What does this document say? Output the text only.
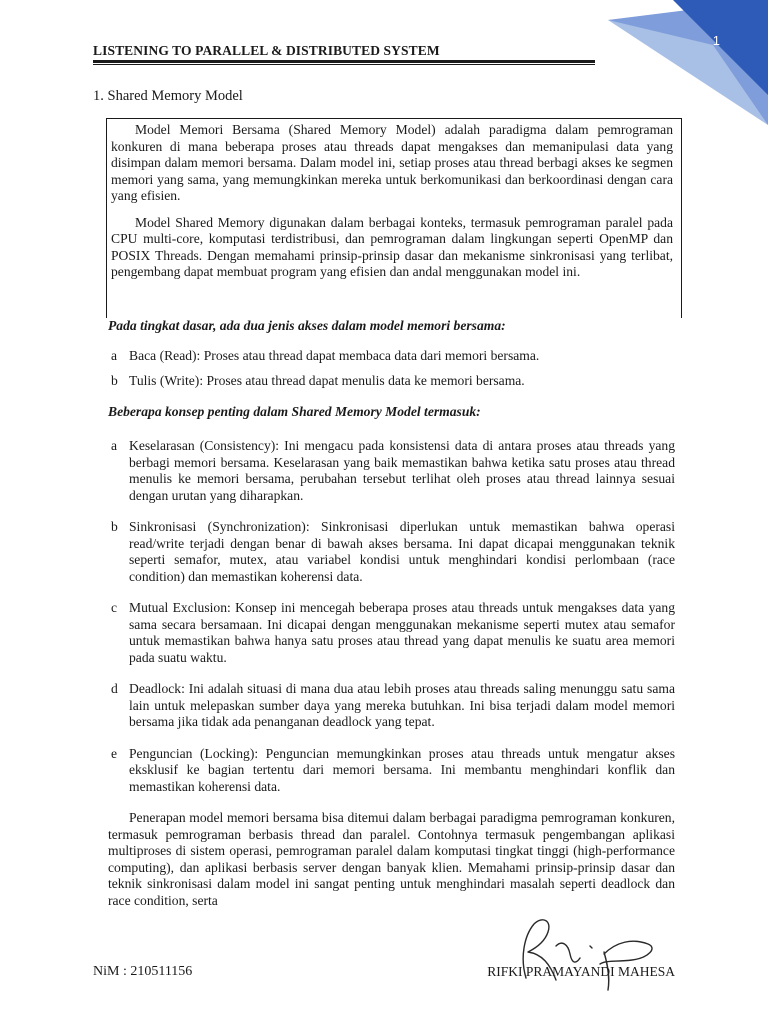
1
LISTENING TO PARALLEL & DISTRIBUTED SYSTEM
1. Shared Memory Model

Model Memori Bersama (Shared Memory Model) adalah paradigma dalam pemrograman konkuren di mana beberapa proses atau threads dapat mengakses dan memanipulasi data yang disimpan dalam memori bersama. Dalam model ini, setiap proses atau thread berbagi akses ke segmen memori yang sama, yang memungkinkan mereka untuk berkomunikasi dan berkoordinasi dengan cara yang efisien.

Model Shared Memory digunakan dalam berbagai konteks, termasuk pemrograman paralel pada CPU multi-core, komputasi terdistribusi, dan pemrograman dalam lingkungan seperti OpenMP dan POSIX Threads. Dengan memahami prinsip-prinsip dasar dan mekanisme sinkronisasi yang terlibat, pengembang dapat membuat program yang efisien dan andal menggunakan model ini.

Pada tingkat dasar, ada dua jenis akses dalam model memori bersama:
a Baca (Read): Proses atau thread dapat membaca data dari memori bersama.
b Tulis (Write): Proses atau thread dapat menulis data ke memori bersama.
Beberapa konsep penting dalam Shared Memory Model termasuk:
a Keselarasan (Consistency): Ini mengacu pada konsistensi data di antara proses atau threads yang berbagi memori bersama. Keselarasan yang baik memastikan bahwa ketika satu proses atau thread menulis ke memori bersama, perubahan tersebut terlihat oleh proses atau thread lainnya sesuai dengan urutan yang diharapkan.
b Sinkronisasi (Synchronization): Sinkronisasi diperlukan untuk memastikan bahwa operasi read/write terjadi dengan benar di bawah akses bersama. Ini dapat dicapai menggunakan teknik seperti semafor, mutex, atau variabel kondisi untuk menghindari kondisi perlombaan (race condition) dan memastikan koherensi data.
c Mutual Exclusion: Konsep ini mencegah beberapa proses atau threads untuk mengakses data yang sama secara bersamaan. Ini dicapai dengan menggunakan mekanisme seperti mutex atau semafor untuk memastikan bahwa hanya satu proses atau thread yang dapat menulis ke suatu area memori pada suatu waktu.
d Deadlock: Ini adalah situasi di mana dua atau lebih proses atau threads saling menunggu satu sama lain untuk melepaskan sumber daya yang mereka butuhkan. Ini bisa terjadi dalam model memori bersama jika tidak ada penanganan deadlock yang tepat.
e Penguncian (Locking): Penguncian memungkinkan proses atau threads untuk mengatur akses eksklusif ke bagian tertentu dari memori bersama. Ini membantu menghindari konflik dan memastikan koherensi data.

Penerapan model memori bersama bisa ditemui dalam berbagai paradigma pemrograman konkuren, termasuk pemrograman berbasis thread dan paralel. Contohnya termasuk pengembangan aplikasi multiproses di sistem operasi, pemrograman paralel dalam komputasi tingkat tinggi (high-performance computing), dan aplikasi berbasis server dengan banyak klien. Memahami prinsip-prinsip dasar dan teknik sinkronisasi dalam model ini sangat penting untuk menghindari masalah seperti deadlock dan race condition, serta

NiM : 210511156	RIFKI PRAMAYANDI MAHESA
